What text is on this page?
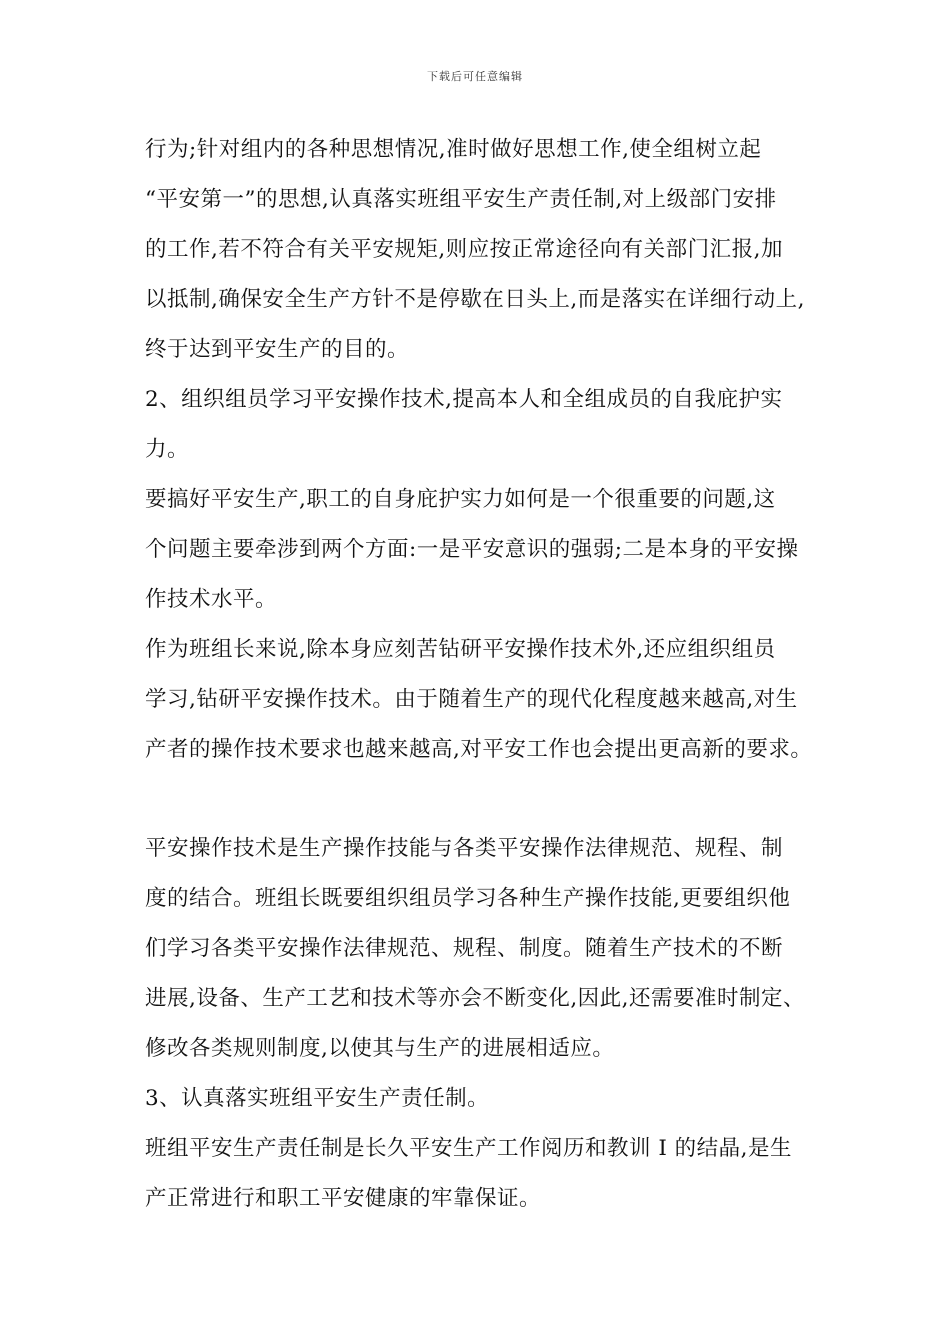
下载后可任意编辑
行为;针对组内的各种思想情况,准时做好思想工作,使全组树立起
“平安第一”的思想,认真落实班组平安生产责任制,对上级部门安排
的工作,若不符合有关平安规矩,则应按正常途径向有关部门汇报,加
以抵制,确保安全生产方针不是停歇在日头上,而是落实在详细行动上,
终于达到平安生产的目的。
2、组织组员学习平安操作技术,提高本人和全组成员的自我庇护实
力。
要搞好平安生产,职工的自身庇护实力如何是一个很重要的问题,这
个问题主要牵涉到两个方面:一是平安意识的强弱;二是本身的平安操
作技术水平。
作为班组长来说,除本身应刻苦钻研平安操作技术外,还应组织组员
学习,钻研平安操作技术。由于随着生产的现代化程度越来越高,对生
产者的操作技术要求也越来越高,对平安工作也会提出更高新的要求。
平安操作技术是生产操作技能与各类平安操作法律规范、规程、制
度的结合。班组长既要组织组员学习各种生产操作技能,更要组织他
们学习各类平安操作法律规范、规程、制度。随着生产技术的不断
进展,设备、生产工艺和技术等亦会不断变化,因此,还需要准时制定、
修改各类规则制度,以使其与生产的进展相适应。
3、认真落实班组平安生产责任制。
班组平安生产责任制是长久平安生产工作阅历和教训 I 的结晶,是生
产正常进行和职工平安健康的牢靠保证。
